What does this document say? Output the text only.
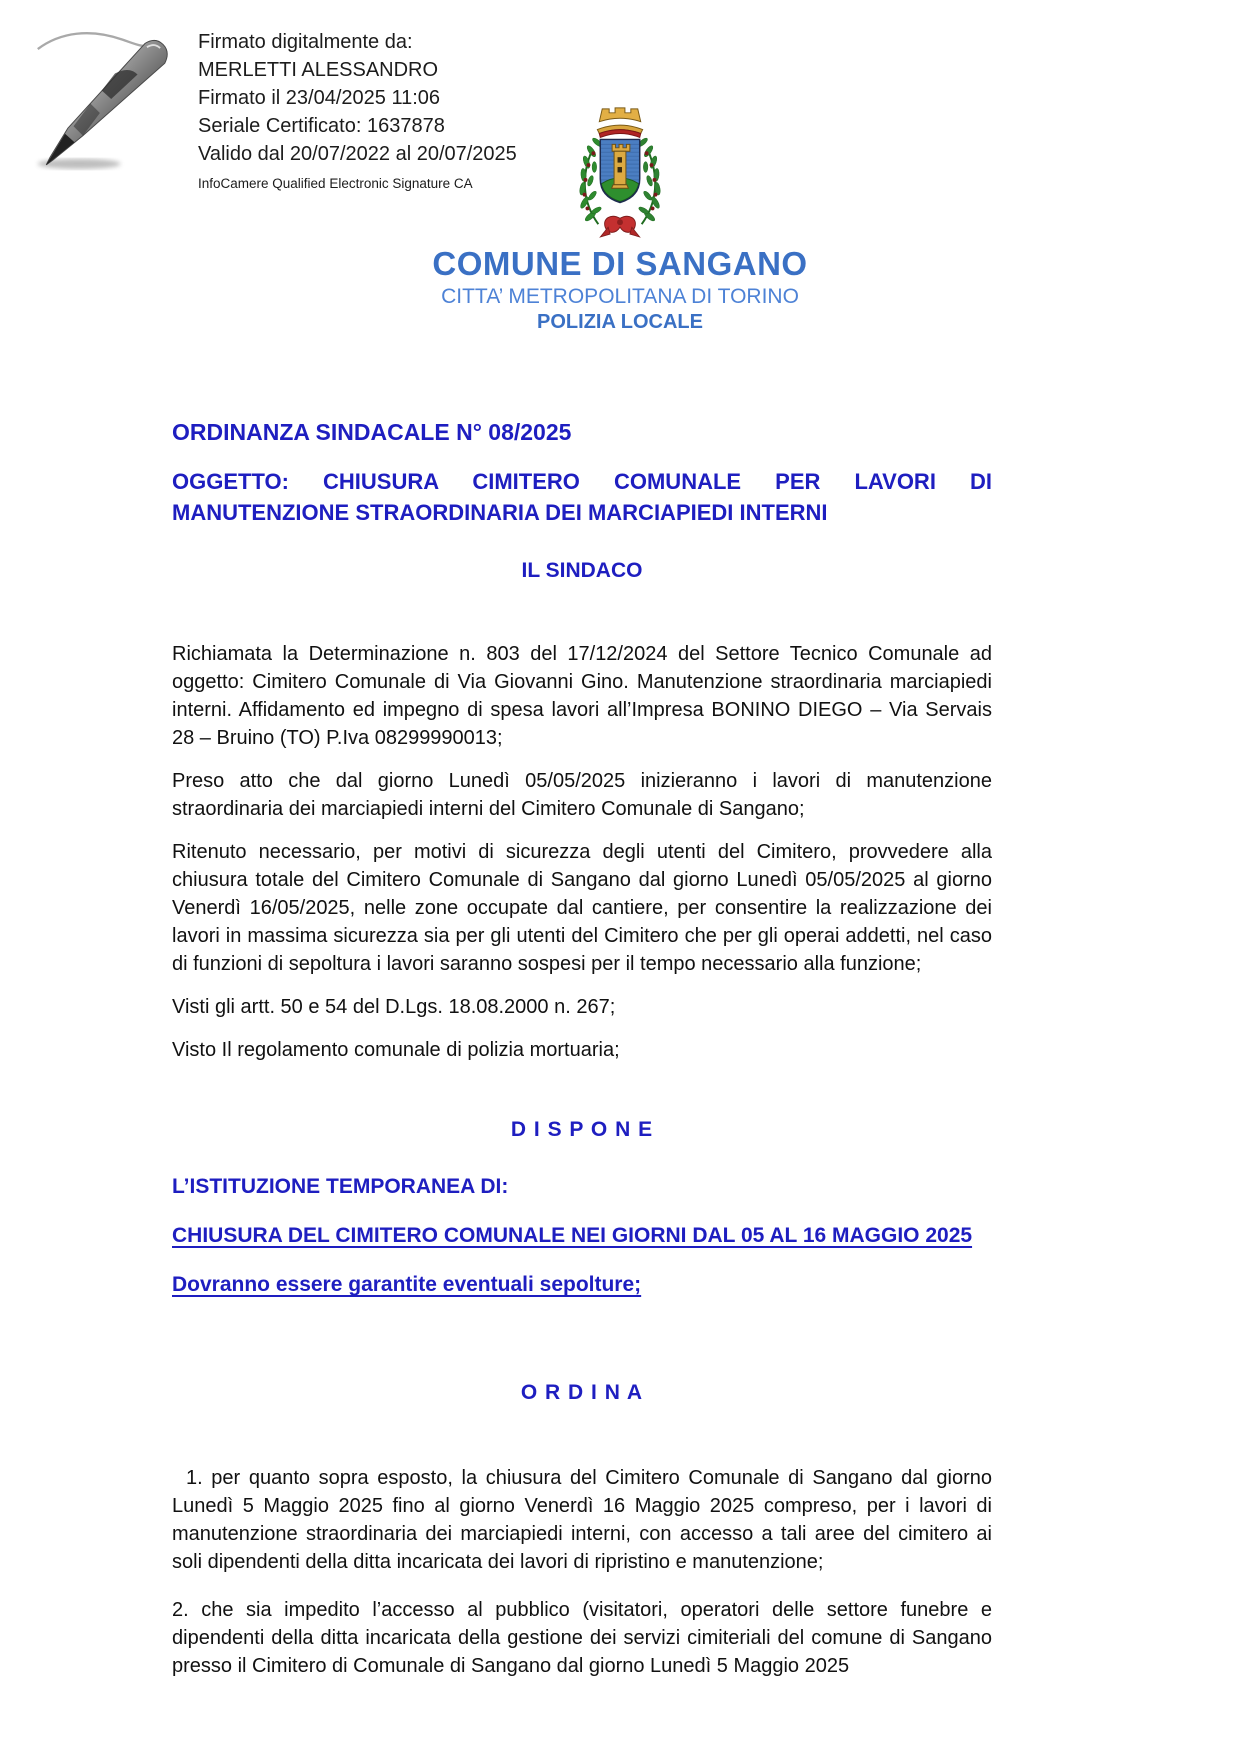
Firmato digitalmente da:
MERLETTI ALESSANDRO
Firmato il 23/04/2025 11:06
Seriale Certificato: 1637878
Valido dal 20/07/2022 al 20/07/2025
InfoCamere Qualified Electronic Signature CA
COMUNE DI SANGANO
CITTA’ METROPOLITANA DI TORINO
POLIZIA LOCALE
ORDINANZA SINDACALE N° 08/2025
OGGETTO: CHIUSURA CIMITERO COMUNALE PER LAVORI DI
MANUTENZIONE STRAORDINARIA DEI MARCIAPIEDI INTERNI
IL SINDACO

Richiamata la Determinazione n. 803 del 17/12/2024 del Settore Tecnico Comunale ad oggetto: Cimitero Comunale di Via Giovanni Gino. Manutenzione straordinaria marciapiedi interni. Affidamento ed impegno di spesa lavori all’Impresa BONINO DIEGO – Via Servais 28 – Bruino (TO) P.Iva 08299990013;

Preso atto che dal giorno Lunedì 05/05/2025 inizieranno i lavori di manutenzione straordinaria dei marciapiedi interni del Cimitero Comunale di Sangano;

Ritenuto necessario, per motivi di sicurezza degli utenti del Cimitero, provvedere alla chiusura totale del Cimitero Comunale di Sangano dal giorno Lunedì 05/05/2025 al giorno Venerdì 16/05/2025, nelle zone occupate dal cantiere, per consentire la realizzazione dei lavori in massima sicurezza sia per gli utenti del Cimitero che per gli operai addetti, nel caso di funzioni di sepoltura i lavori saranno sospesi per il tempo necessario alla funzione;

Visti gli artt. 50 e 54 del D.Lgs. 18.08.2000 n. 267;

Visto Il regolamento comunale di polizia mortuaria;

D I S P O N E

L’ISTITUZIONE TEMPORANEA DI:

CHIUSURA DEL CIMITERO COMUNALE NEI GIORNI DAL 05 AL 16 MAGGIO 2025

Dovranno essere garantite eventuali sepolture;

O R D I N A

1. per quanto sopra esposto, la chiusura del Cimitero Comunale di Sangano dal giorno Lunedì 5 Maggio 2025 fino al giorno Venerdì 16 Maggio 2025 compreso, per i lavori di manutenzione straordinaria dei marciapiedi interni, con accesso a tali aree del cimitero ai soli dipendenti della ditta incaricata dei lavori di ripristino e manutenzione;

2. che sia impedito l’accesso al pubblico (visitatori, operatori delle settore funebre e dipendenti della ditta incaricata della gestione dei servizi cimiteriali del comune di Sangano presso il Cimitero di Comunale di Sangano dal giorno Lunedì 5 Maggio 2025
